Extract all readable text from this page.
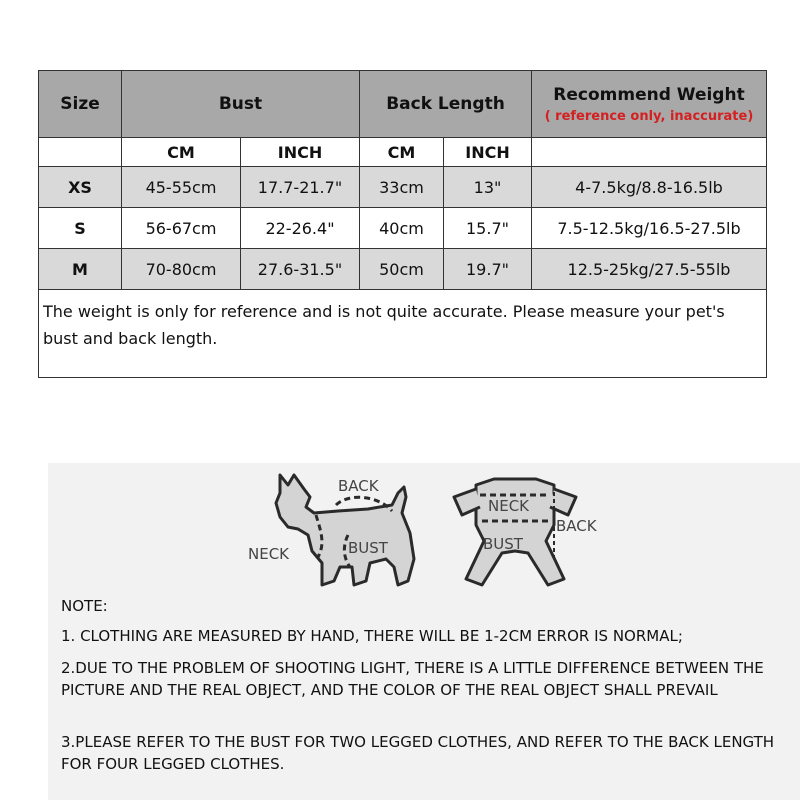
Size	Bust		Back Length		Recommend Weight
( reference only, inaccurate)

	CM	INCH	CM	INCH	
XS	45-55cm	17.7-21.7"	33cm	13"	4-7.5kg/8.8-16.5lb
S	56-67cm	22-26.4"	40cm	15.7"	7.5-12.5kg/16.5-27.5lb
M	70-80cm	27.6-31.5"	50cm	19.7"	12.5-25kg/27.5-55lb
The weight is only for reference and is not quite accurate. Please measure your pet's bust and back length.					
BACK
NECK	BUST
NECK
BACK
BUST
NOTE:

1. CLOTHING ARE MEASURED BY HAND, THERE WILL BE 1-2CM ERROR IS NORMAL;

2.DUE TO THE PROBLEM OF SHOOTING LIGHT, THERE IS A LITTLE DIFFERENCE BETWEEN THE PICTURE AND THE REAL OBJECT, AND THE COLOR OF THE REAL OBJECT SHALL PREVAIL

3.PLEASE REFER TO THE BUST FOR TWO LEGGED CLOTHES, AND REFER TO THE BACK LENGTH FOR FOUR LEGGED CLOTHES.
